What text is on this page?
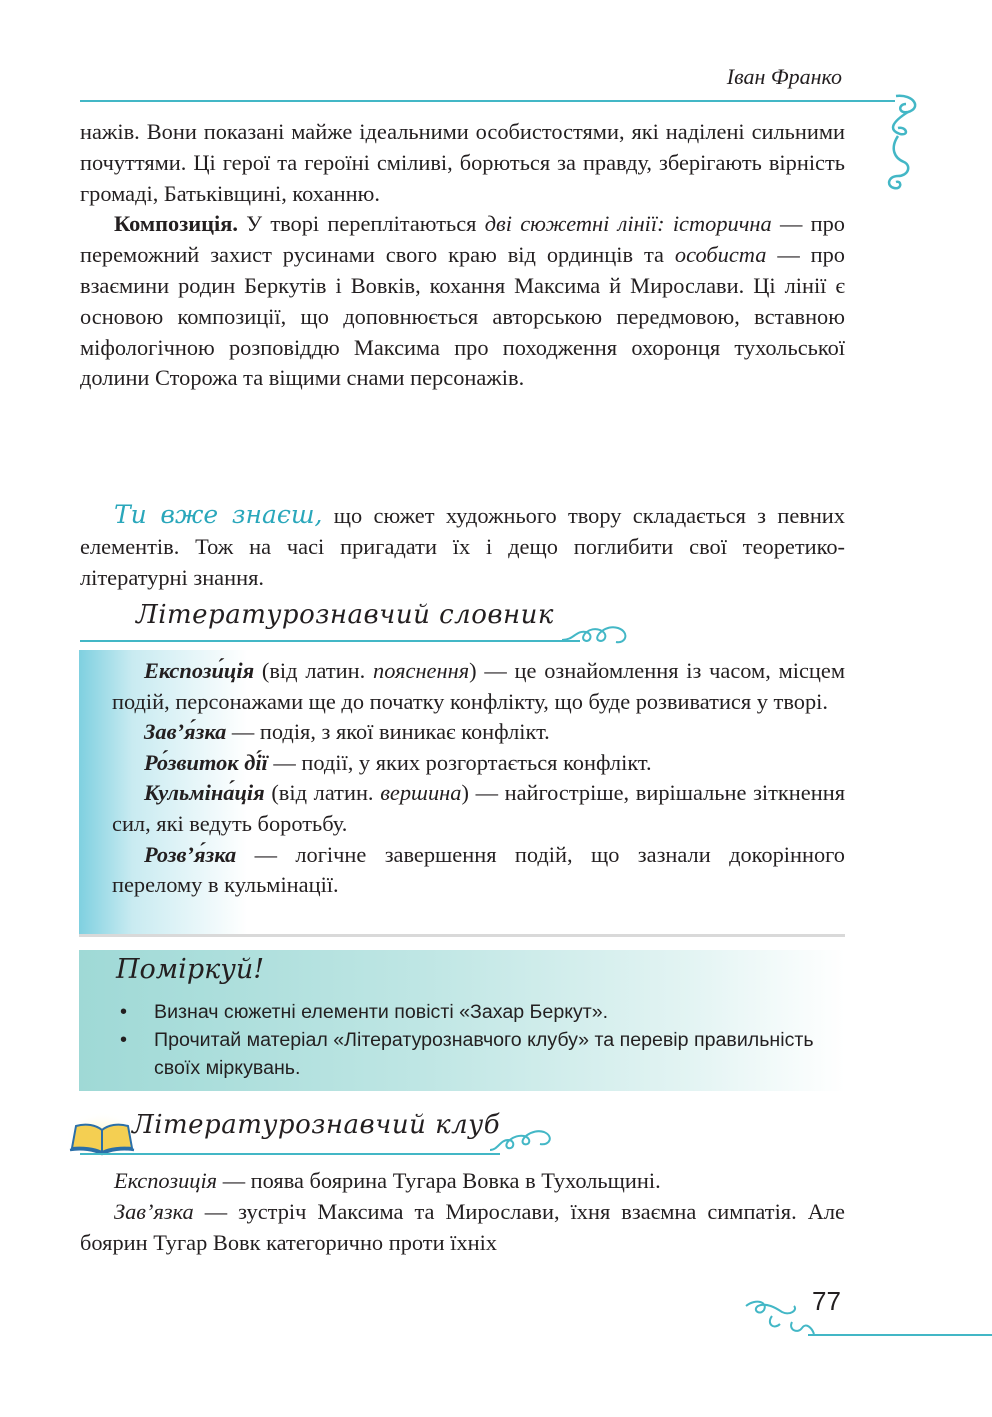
Іван Франко

нажів. Вони показані майже ідеальними особистостями, які наділені сильними почуттями. Ці герої та героїні сміливі, борються за правду, зберігають вірність громаді, Батьківщині, коханню.

Композиція. У творі переплітаються дві сюжетні лінії: історична — про переможний захист русинами свого краю від ординців та особиста — про взаємини родин Беркутів і Вовків, кохання Максима й Мирослави. Ці лінії є основою композиції, що доповнюється авторською передмовою, вставною міфологічною розповіддю Максима про походження охоронця тухольської долини Сторожа та віщими снами персонажів.

Ти вже знаєш, що сюжет художнього твору складається з певних елементів. Тож на часі пригадати їх і дещо поглибити свої теоретико-літературні знання.

Літературознавчий словник

Експози́ція (від латин. пояснення) — це ознайомлення із часом, місцем подій, персонажами ще до початку конфлікту, що буде розвиватися у творі.

Зав’я́зка — подія, з якої виникає конфлікт.

Ро́звиток ді́ї — події, у яких розгортається конфлікт.

Кульміна́ція (від латин. вершина) — найгостріше, вирішальне зіткнення сил, які ведуть боротьбу.

Розв’я́зка — логічне завершення подій, що зазнали докорінного перелому в кульмінації.

Поміркуй!
• Визнач сюжетні елементи повісті «Захар Беркут».
• Прочитай матеріал «Літературознавчого клубу» та перевір правильність своїх міркувань.
Літературознавчий клуб

Експозиція — поява боярина Тугара Вовка в Тухольщині.

Зав’язка — зустріч Максима та Мирослави, їхня взаємна симпатія. Але боярин Тугар Вовк категорично проти їхніх

77
